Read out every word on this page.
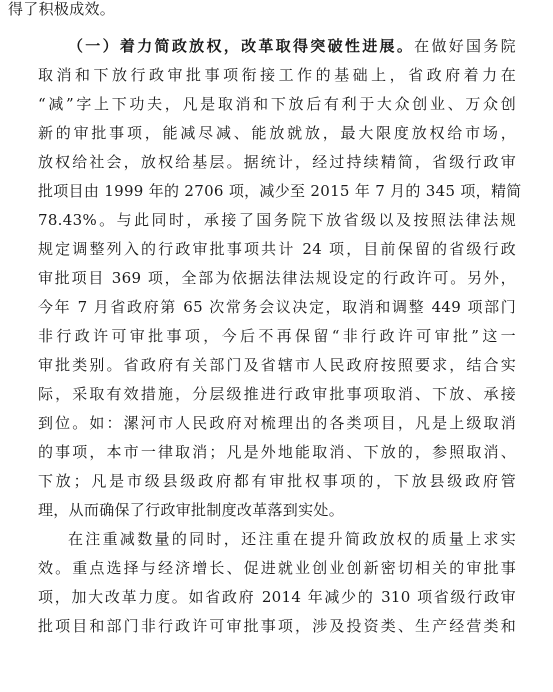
得了积极成效。
（一）着力简政放权，改革取得突破性进展。在做好国务院
取消和下放行政审批事项衔接工作的基础上，省政府着力在
“减”字上下功夫，凡是取消和下放后有利于大众创业、万众创
新的审批事项，能减尽减、能放就放，最大限度放权给市场，
放权给社会，放权给基层。据统计，经过持续精简，省级行政审
批项目由 1999 年的 2706 项，减少至 2015 年 7 月的 345 项，精简
78.43%。与此同时，承接了国务院下放省级以及按照法律法规
规定调整列入的行政审批事项共计 24 项，目前保留的省级行政
审批项目 369 项，全部为依据法律法规设定的行政许可。另外，
今年 7 月省政府第 65 次常务会议决定，取消和调整 449 项部门
非行政许可审批事项，今后不再保留“非行政许可审批”这一
审批类别。省政府有关部门及省辖市人民政府按照要求，结合实
际，采取有效措施，分层级推进行政审批事项取消、下放、承接
到位。如：漯河市人民政府对梳理出的各类项目，凡是上级取消
的事项，本市一律取消；凡是外地能取消、下放的，参照取消、
下放；凡是市级县级政府都有审批权事项的，下放县级政府管
理，从而确保了行政审批制度改革落到实处。
在注重减数量的同时，还注重在提升简政放权的质量上求实
效。重点选择与经济增长、促进就业创业创新密切相关的审批事
项，加大改革力度。如省政府 2014 年减少的 310 项省级行政审
批项目和部门非行政许可审批事项，涉及投资类、生产经营类和
